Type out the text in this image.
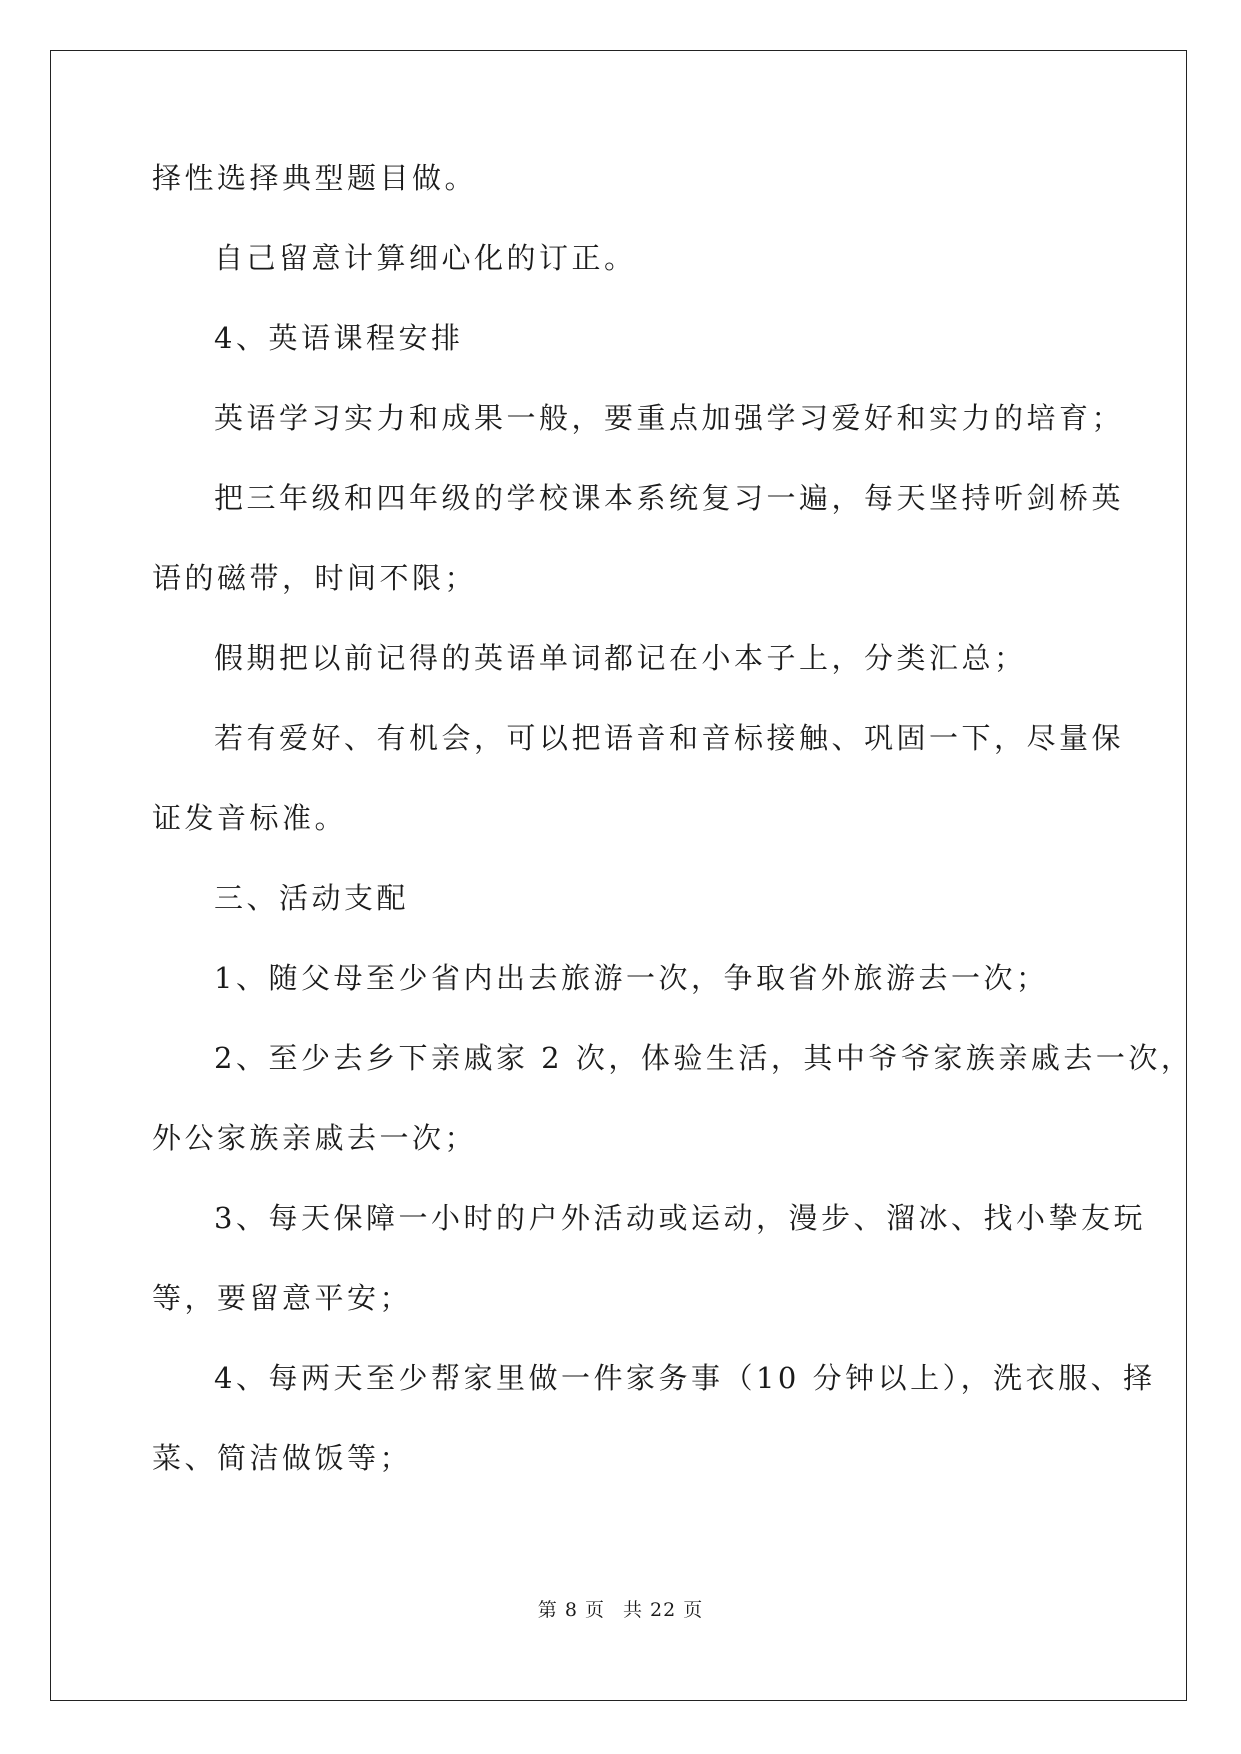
择性选择典型题目做。
自己留意计算细心化的订正。
4、英语课程安排
英语学习实力和成果一般，要重点加强学习爱好和实力的培育；
把三年级和四年级的学校课本系统复习一遍，每天坚持听剑桥英
语的磁带，时间不限；
假期把以前记得的英语单词都记在小本子上，分类汇总；
若有爱好、有机会，可以把语音和音标接触、巩固一下，尽量保
证发音标准。
三、活动支配
1、随父母至少省内出去旅游一次，争取省外旅游去一次；
2、至少去乡下亲戚家 2 次，体验生活，其中爷爷家族亲戚去一次，
外公家族亲戚去一次；
3、每天保障一小时的户外活动或运动，漫步、溜冰、找小挚友玩
等，要留意平安；
4、每两天至少帮家里做一件家务事（10 分钟以上），洗衣服、择
菜、简洁做饭等；
第 8 页 共 22 页
